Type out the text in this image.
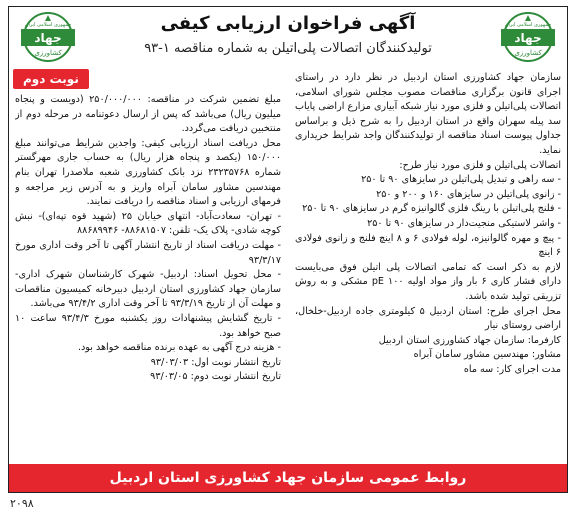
جمهوری اسلامی ایران
جهاد
کشاورزی
آگهی فراخوان ارزیابی کیفی
تولیدکنندگان اتصالات پلی‌اتیلن به شماره مناقصه ۱-۹۳
جمهوری اسلامی ایران
جهاد
کشاورزی
نوبت دوم	سازمان جهاد کشاورزی استان اردبیل در نظر دارد در راستای اجرای قانون برگزاری مناقصات مصوب مجلس شورای اسلامی، اتصالات پلی‌اتیلن و فلزی مورد نیاز شبکه آبیاری مزارع اراضی پایاب سد پیله سهران واقع در استان اردبیل را به شرح ذیل و براساس جداول پیوست اسناد مناقصه از تولیدکنندگان واجد شرایط خریداری نماید.

اتصالات پلی‌اتیلن و فلزی مورد نیاز طرح:

- سه راهی و تبدیل پلی‌اتیلن در سایزهای ۹۰ تا ۲۵۰

- زانوی پلی‌اتیلن در سایزهای ۱۶۰ و ۲۰۰ و ۲۵۰

- فلنج پلی‌اتیلن با رینگ فلزی گالوانیزه گرم در سایزهای ۹۰ تا ۲۵۰

- واشر لاستیکی منجیت‌دار در سایزهای ۹۰ تا ۲۵۰

- پیچ و مهره گالوانیزه، لوله فولادی ۶ و ۸ اینچ فلنج و زانوی فولادی ۶ اینچ

لازم به ذکر است که تمامی اتصالات پلی اتیلن فوق می‌بایست دارای فشار کاری ۶ بار واز مواد اولیه pE ۱۰۰ مشکی و به روش تزریقی تولید شده باشد.

محل اجرای طرح: استان اردبیل ۵ کیلومتری جاده اردبیل-خلخال، اراضی روستای نیار

کارفرما: سازمان جهاد کشاورزی استان اردبیل

مشاور: مهندسین مشاور سامان آبراه

مدت اجرای کار: سه ماه

مبلغ تضمین شرکت در مناقصه: ۲۵۰/۰۰۰/۰۰۰ (دویست و پنجاه میلیون ریال) می‌باشد که پس از ارسال دعوتنامه در مرحله دوم از منتخبین دریافت می‌گردد.

محل دریافت اسناد ارزیابی کیفی: واجدین شرایط می‌توانند مبلغ ۱۵۰/۰۰۰ (یکصد و پنجاه هزار ریال) به حساب جاری مهرگستر شماره ۲۳۲۳۵۷۶۸ نزد بانک کشاورزی شعبه ملاصدرا تهران بنام مهندسین مشاور سامان آبراه واریز و به آدرس زیر مراجعه و فرمهای ارزیابی و اسناد مناقصه را دریافت نمایند.

- تهران- سعادت‌آباد- انتهای خیابان ۲۵ (شهید قوه تپه‌ای)- نبش کوچه شادی- پلاک یک- تلفن: ۸۸۶۸۱۵۰۷- ۸۸۶۸۹۹۴۶

- مهلت دریافت اسناد از تاریخ انتشار آگهی تا آخر وقت اداری مورخ ۹۳/۳/۱۷

- محل تحویل اسناد: اردبیل- شهرک کارشناسان شهرک اداری- سازمان جهاد کشاورزی استان اردبیل دبیرخانه کمیسیون مناقصات و مهلت آن از تاریخ ۹۳/۳/۱۹ تا آخر وقت اداری ۹۳/۴/۲ می‌باشد.

- تاریخ گشایش پیشنهادات روز یکشنبه مورخ ۹۳/۴/۳ ساعت ۱۰ صبح خواهد بود.

- هزینه درج آگهی به عهده برنده مناقصه خواهد بود.

تاریخ انتشار نوبت اول: ۹۳/۰۳/۰۳

تاریخ انتشار نوبت دوم: ۹۳/۰۳/۰۵

روابط عمومی سازمان جهاد کشاورزی استان اردبیل
۲۰۹۸
